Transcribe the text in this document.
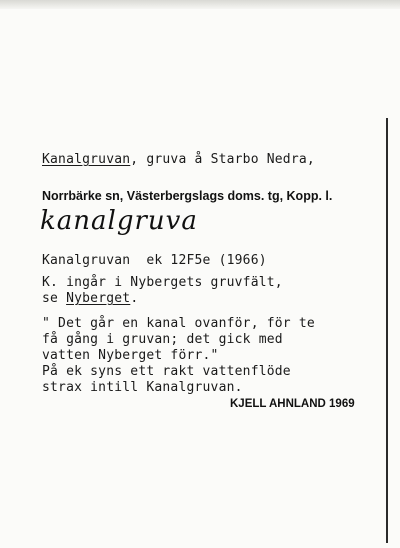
Kanalgruvan, gruva å Starbo Nedra,
Norrbärke sn, Västerbergslags doms. tg, Kopp. l.
kanalgruva
Kanalgruvan  ek 12F5e (1966)
K. ingår i Nybergets gruvfält,
se Nyberget.
" Det går en kanal ovanför, för te
få gång i gruvan; det gick med
vatten Nyberget förr."
På ek syns ett rakt vattenflöde
strax intill Kanalgruvan.
KJELL AHNLAND 1969
